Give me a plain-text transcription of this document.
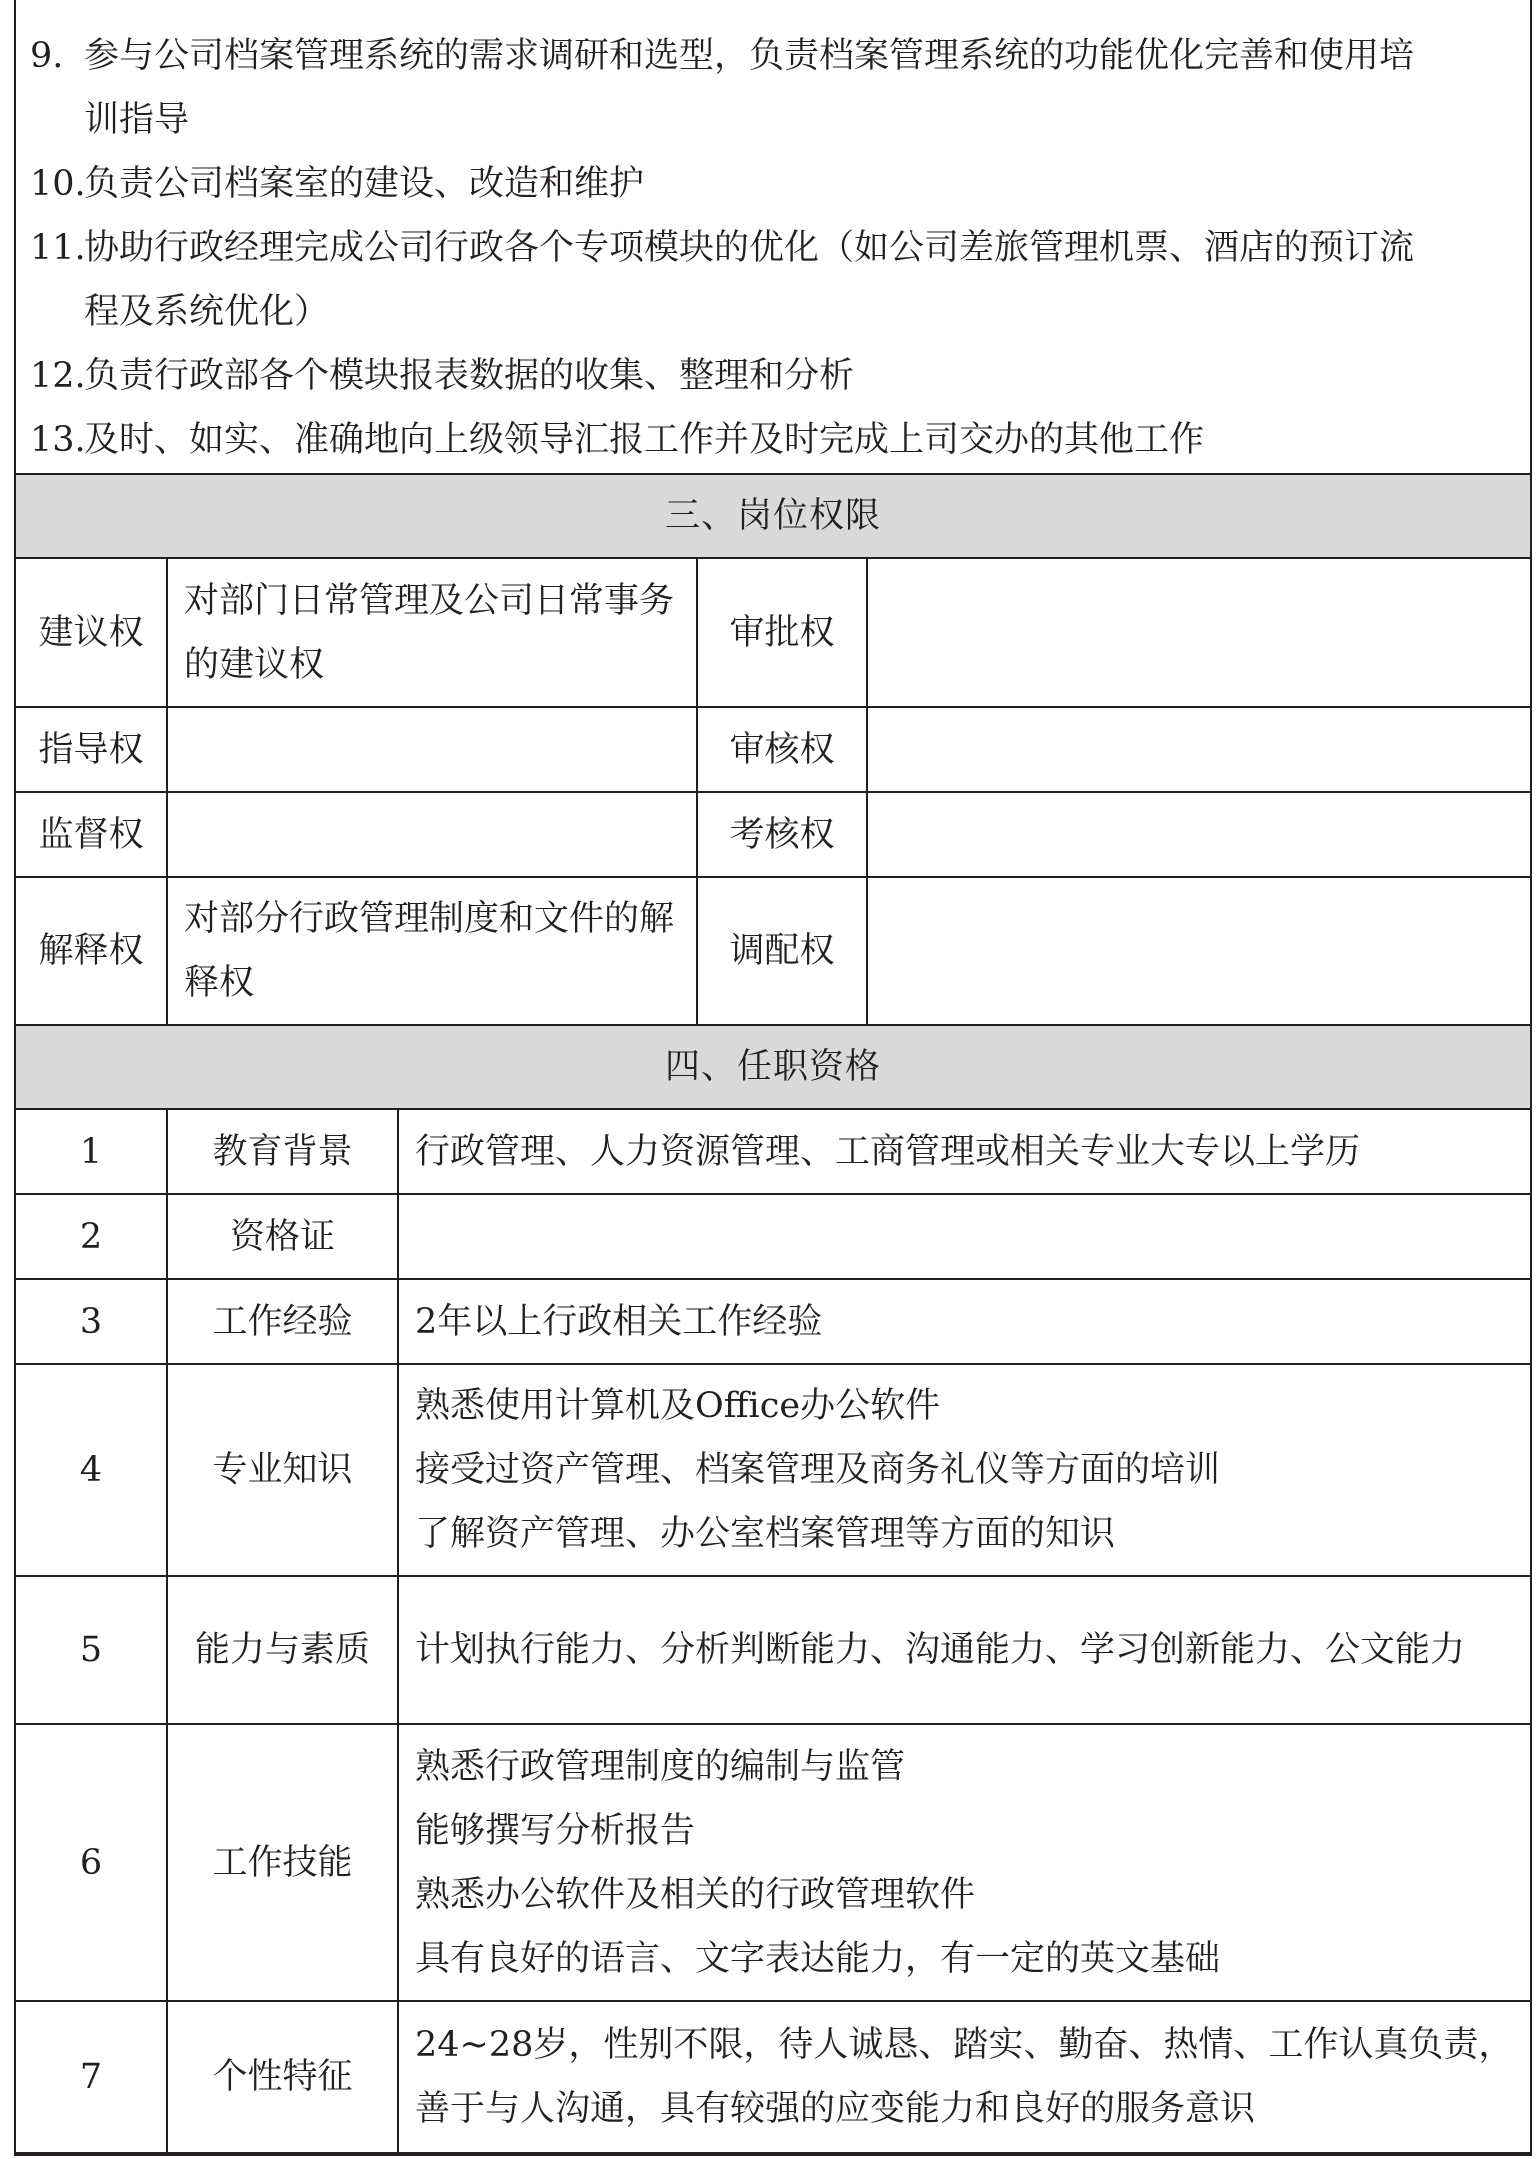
9. 参与公司档案管理系统的需求调研和选型，负责档案管理系统的功能优化完善和使用培
训指导
10.
负责公司档案室的建设、改造和维护
11.
协助行政经理完成公司行政各个专项模块的优化（如公司差旅管理机票、酒店的预订流
程及系统优化）
12.
负责行政部各个模块报表数据的收集、整理和分析
13.
及时、如实、准确地向上级领导汇报工作并及时完成上司交办的其他工作
三、岗位权限			
建议权	对部门日常管理及公司日常事务的建议权	审批权	
指导权		审核权	
监督权		考核权	
解释权	对部分行政管理制度和文件的解释权	调配权	
四、任职资格		
1	教育背景	行政管理、人力资源管理、工商管理或相关专业大专以上学历

2	资格证	
3	工作经验	2年以上行政相关工作经验

4	专业知识	熟悉使用计算机及Office办公软件
接受过资产管理、档案管理及商务礼仪等方面的培训
了解资产管理、办公室档案管理等方面的知识

5	能力与素质	计划执行能力、分析判断能力、沟通能力、学习创新能力、公文能力

6	工作技能	熟悉行政管理制度的编制与监管
能够撰写分析报告
熟悉办公软件及相关的行政管理软件
具有良好的语言、文字表达能力，有一定的英文基础

7	个性特征	24~28岁，性别不限，待人诚恳、踏实、勤奋、热情、工作认真负责，善于与人沟通，具有较强的应变能力和良好的服务意识
